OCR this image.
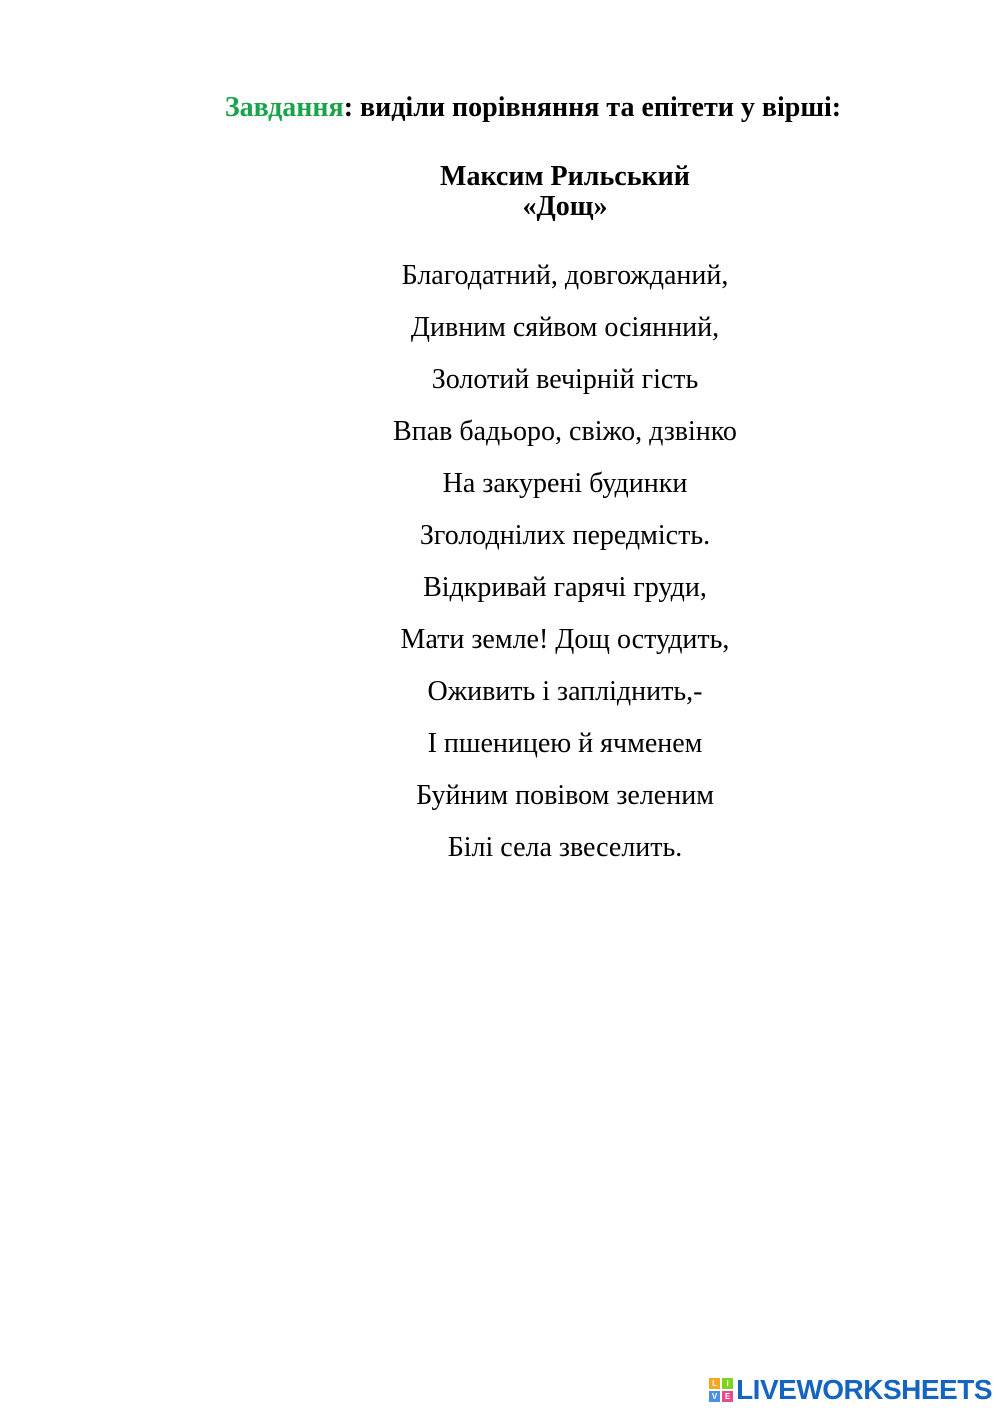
Завдання: виділи порівняння та епітети у вірші:
Максим Рильський
«Дощ»
Благодатний, довгожданий,
Дивним сяйвом осіянний,
Золотий вечірній гість
Впав бадьоро, свіжо, дзвінко
На закурені будинки
Зголоднілих передмість.
Відкривай гарячі груди,
Мати земле! Дощ остудить,
Оживить і запліднить,-
І пшеницею й ячменем
Буйним повівом зеленим
Білі села звеселить.
L	I
V E LIVEWORKSHEETS
